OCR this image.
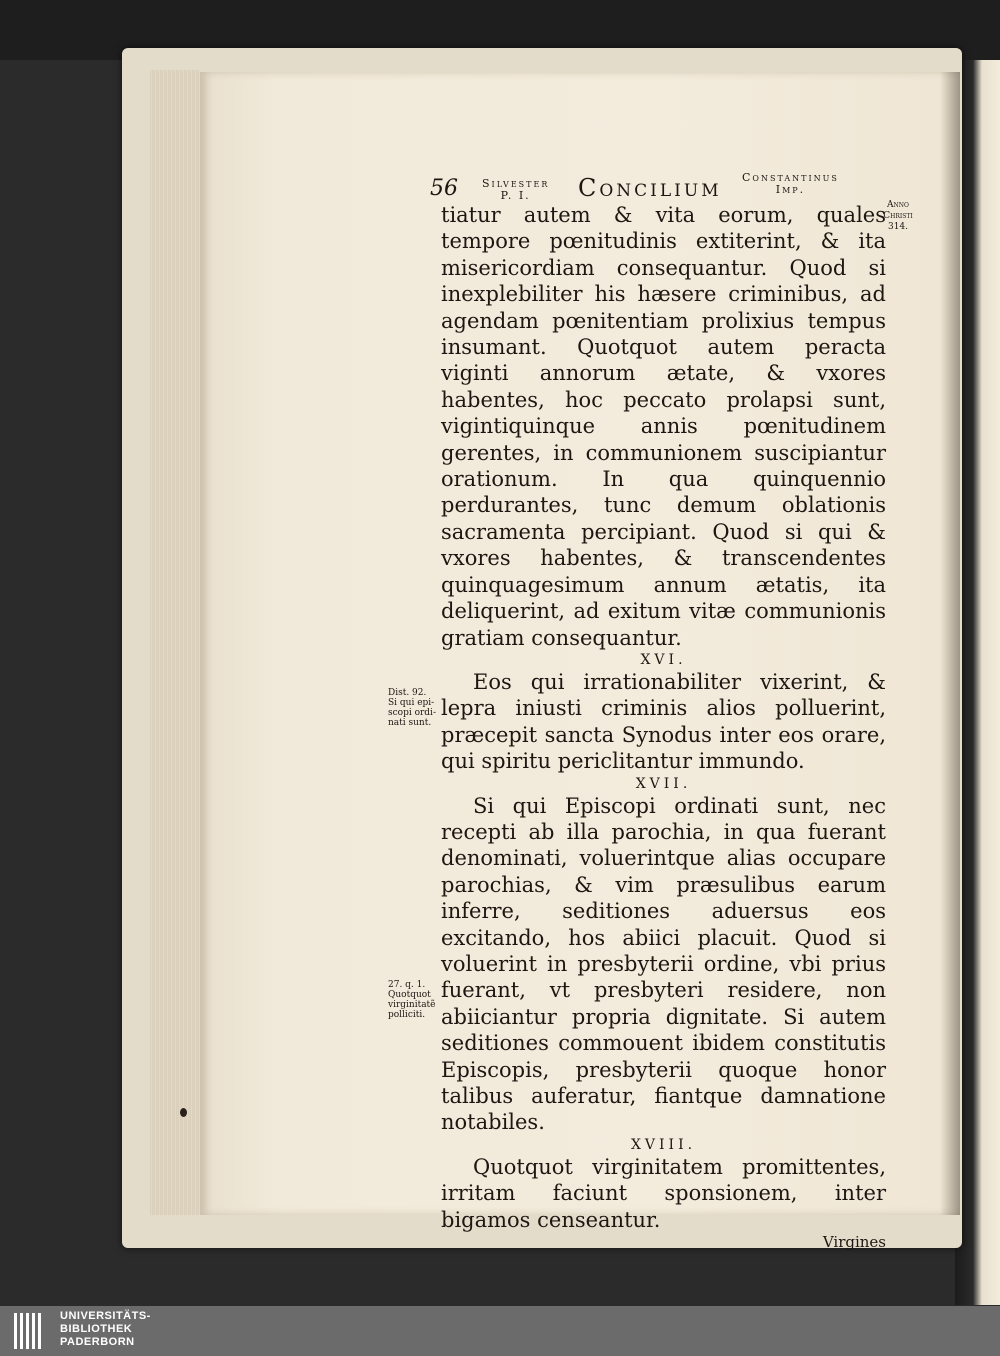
56 Silvester
P. I.	Concilium Constantinus
Imp.
Anno
Christi
314.

tiatur autem & vita eorum, quales tempore pœnitudinis extiterint, & ita misericordiam consequantur. Quod si inexplebiliter his hæsere criminibus, ad agendam pœnitentiam prolixius tempus insumant. Quotquot autem peracta viginti annorum ætate, & vxores habentes, hoc peccato prolapsi sunt, vigintiquinque annis pœnitudinem gerentes, in communionem suscipiantur orationum. In qua quinquennio perdurantes, tunc demum oblationis sacramenta percipiant. Quod si qui & vxores habentes, & transcendentes quinquagesimum annum ætatis, ita deliquerint, ad exitum vitæ communionis gratiam consequantur.

XVI.

Eos qui irrationabiliter vixerint, & lepra iniusti criminis alios polluerint, præcepit sancta Synodus inter eos orare, qui spiritu periclitantur immundo.

XVII.

Si qui Episcopi ordinati sunt, nec recepti ab illa parochia, in qua fuerant denominati, voluerintque alias occupare parochias, & vim præsulibus earum inferre, seditiones aduersus eos excitando, hos abiici placuit. Quod si voluerint in presbyterii ordine, vbi prius fuerant, vt presbyteri residere, non abiiciantur propria dignitate. Si autem seditiones commouent ibidem constitutis Episcopis, presbyterii quoque honor talibus auferatur, fiantque damnatione notabiles.

XVIII.

Quotquot virginitatem promittentes, irritam faciunt sponsionem, inter bigamos censeantur.

Virgines

Dist. 92.
Si qui epi-
scopi ordi-
nati sunt.
27. q. 1.
Quotquot
virginitatẽ
polliciti.
UNIVERSITÄTS-
BIBLIOTHEK
PADERBORN
